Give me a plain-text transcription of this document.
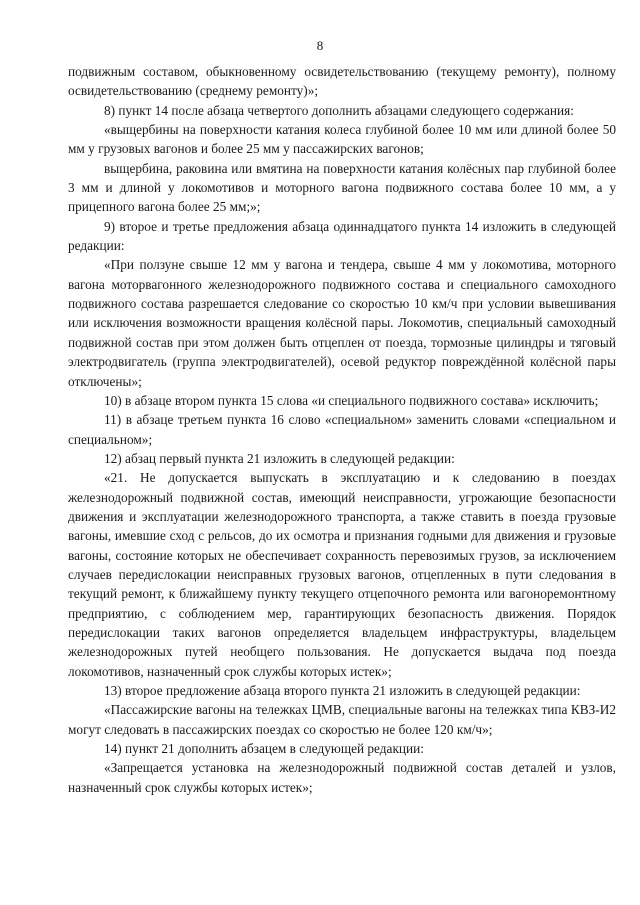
8

подвижным составом, обыкновенному освидетельствованию (текущему ремонту), полному освидетельствованию (среднему ремонту)»;

8) пункт 14 после абзаца четвертого дополнить абзацами следующего содержания:

«выщербины на поверхности катания колеса глубиной более 10 мм или длиной более 50 мм у грузовых вагонов и более 25 мм у пассажирских вагонов;

выщербина, раковина или вмятина на поверхности катания колёсных пар глубиной более 3 мм и длиной у локомотивов и моторного вагона подвижного состава более 10 мм, а у прицепного вагона более 25 мм;»;

9) второе и третье предложения абзаца одиннадцатого пункта 14 изложить в следующей редакции:

«При ползуне свыше 12 мм у вагона и тендера, свыше 4 мм у локомотива, моторного вагона моторвагонного железнодорожного подвижного состава и специального самоходного подвижного состава разрешается следование со скоростью 10 км/ч при условии вывешивания или исключения возможности вращения колёсной пары. Локомотив, специальный самоходный подвижной состав при этом должен быть отцеплен от поезда, тормозные цилиндры и тяговый электродвигатель (группа электродвигателей), осевой редуктор повреждённой колёсной пары отключены»;

10) в абзаце втором пункта 15 слова «и специального подвижного состава» исключить;

11) в абзаце третьем пункта 16 слово «специальном» заменить словами «специальном и специальном»;

12) абзац первый пункта 21 изложить в следующей редакции:

«21. Не допускается выпускать в эксплуатацию и к следованию в поездах железнодорожный подвижной состав, имеющий неисправности, угрожающие безопасности движения и эксплуатации железнодорожного транспорта, а также ставить в поезда грузовые вагоны, имевшие сход с рельсов, до их осмотра и признания годными для движения и грузовые вагоны, состояние которых не обеспечивает сохранность перевозимых грузов, за исключением случаев передислокации неисправных грузовых вагонов, отцепленных в пути следования в текущий ремонт, к ближайшему пункту текущего отцепочного ремонта или вагоноремонтному предприятию, с соблюдением мер, гарантирующих безопасность движения. Порядок передислокации таких вагонов определяется владельцем инфраструктуры, владельцем железнодорожных путей необщего пользования. Не допускается выдача под поезда локомотивов, назначенный срок службы которых истек»;

13) второе предложение абзаца второго пункта 21 изложить в следующей редакции:

«Пассажирские вагоны на тележках ЦМВ, специальные вагоны на тележках типа КВЗ-И2 могут следовать в пассажирских поездах со скоростью не более 120 км/ч»;

14) пункт 21 дополнить абзацем в следующей редакции:

«Запрещается установка на железнодорожный подвижной состав деталей и узлов, назначенный срок службы которых истек»;
